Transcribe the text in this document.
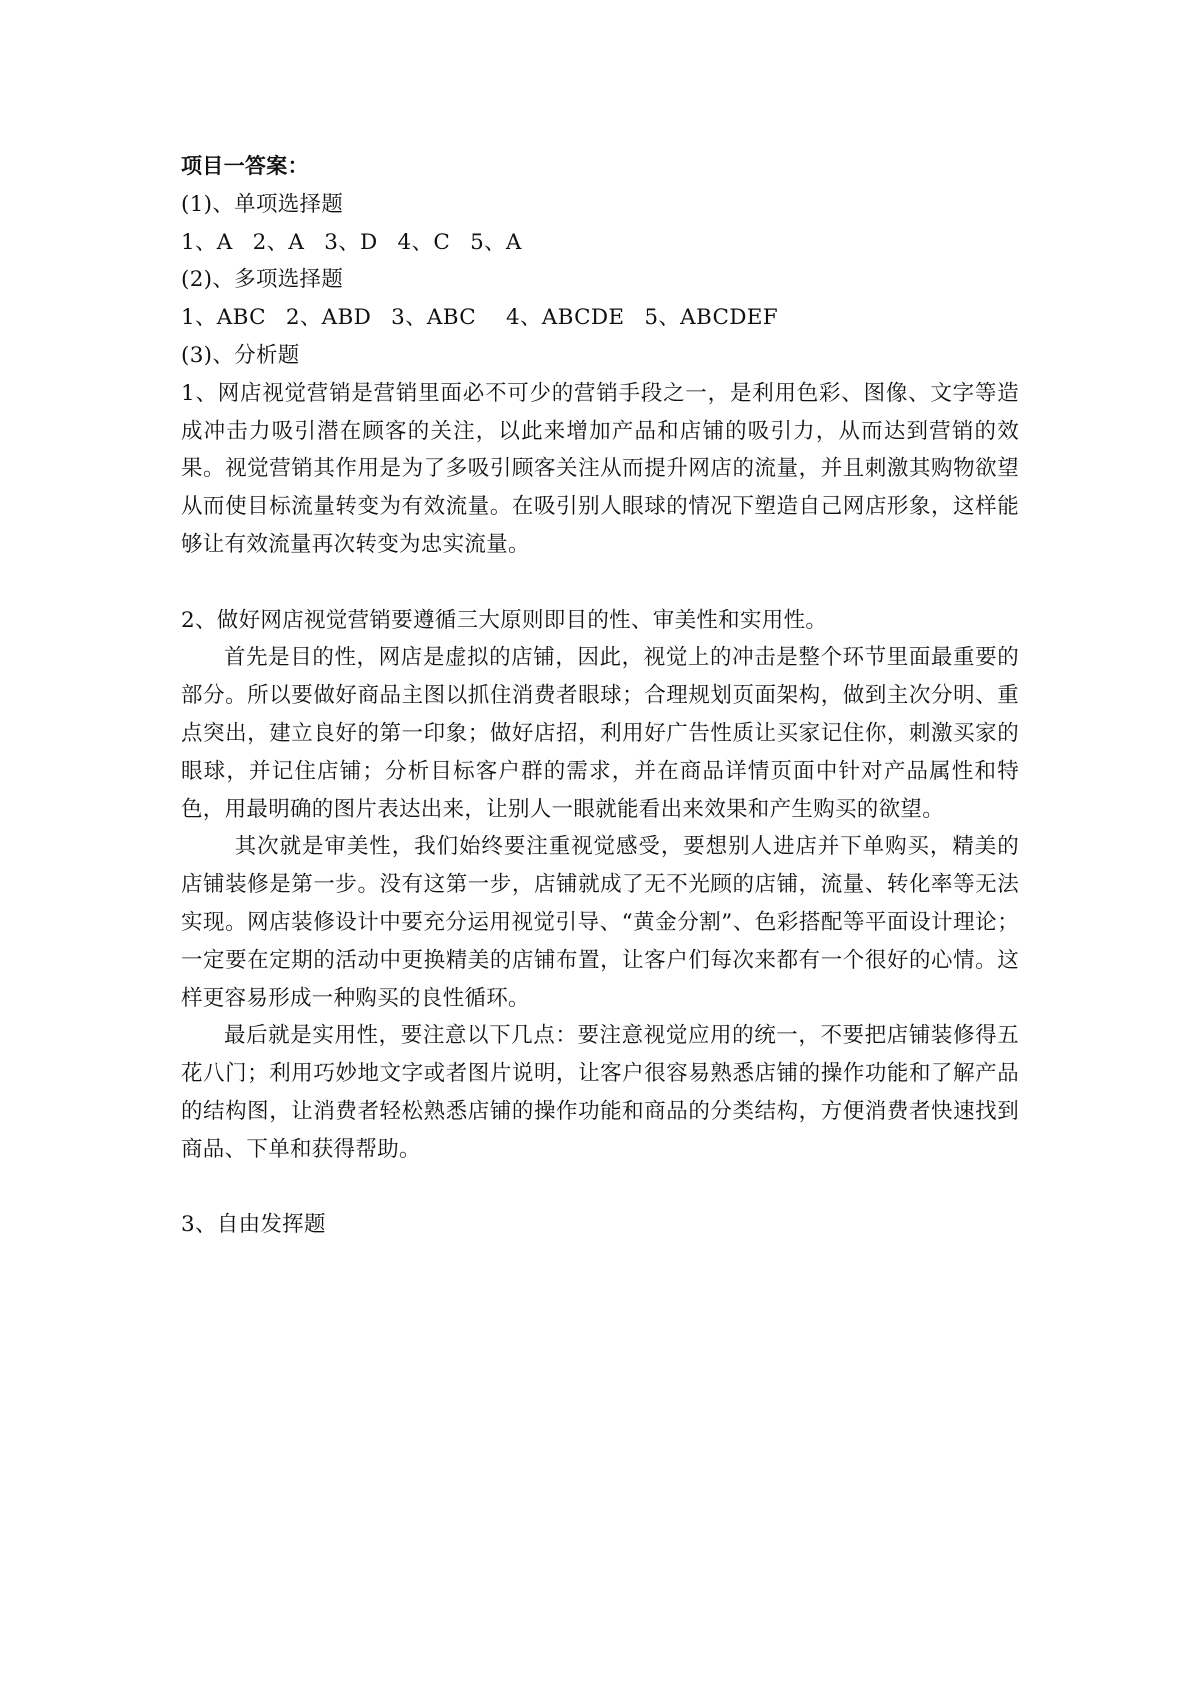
项目一答案：

(1)、单项选择题

1、A 2、A 3、D 4、C 5、A

(2)、多项选择题

1、ABC 2、ABD 3、ABC 4、ABCDE 5、ABCDEF

(3)、分析题

1、网店视觉营销是营销里面必不可少的营销手段之一，是利用色彩、图像、文字等造成冲击力吸引潜在顾客的关注，以此来增加产品和店铺的吸引力，从而达到营销的效果。视觉营销其作用是为了多吸引顾客关注从而提升网店的流量，并且刺激其购物欲望从而使目标流量转变为有效流量。在吸引别人眼球的情况下塑造自己网店形象，这样能够让有效流量再次转变为忠实流量。

2、做好网店视觉营销要遵循三大原则即目的性、审美性和实用性。

首先是目的性，网店是虚拟的店铺，因此，视觉上的冲击是整个环节里面最重要的部分。所以要做好商品主图以抓住消费者眼球；合理规划页面架构，做到主次分明、重点突出，建立良好的第一印象；做好店招，利用好广告性质让买家记住你，刺激买家的眼球，并记住店铺；分析目标客户群的需求，并在商品详情页面中针对产品属性和特色，用最明确的图片表达出来，让别人一眼就能看出来效果和产生购买的欲望。

其次就是审美性，我们始终要注重视觉感受，要想别人进店并下单购买，精美的店铺装修是第一步。没有这第一步，店铺就成了无不光顾的店铺，流量、转化率等无法实现。网店装修设计中要充分运用视觉引导、“黄金分割”、色彩搭配等平面设计理论；一定要在定期的活动中更换精美的店铺布置，让客户们每次来都有一个很好的心情。这样更容易形成一种购买的良性循环。

最后就是实用性，要注意以下几点：要注意视觉应用的统一，不要把店铺装修得五花八门；利用巧妙地文字或者图片说明，让客户很容易熟悉店铺的操作功能和了解产品的结构图，让消费者轻松熟悉店铺的操作功能和商品的分类结构，方便消费者快速找到商品、下单和获得帮助。

3、自由发挥题
